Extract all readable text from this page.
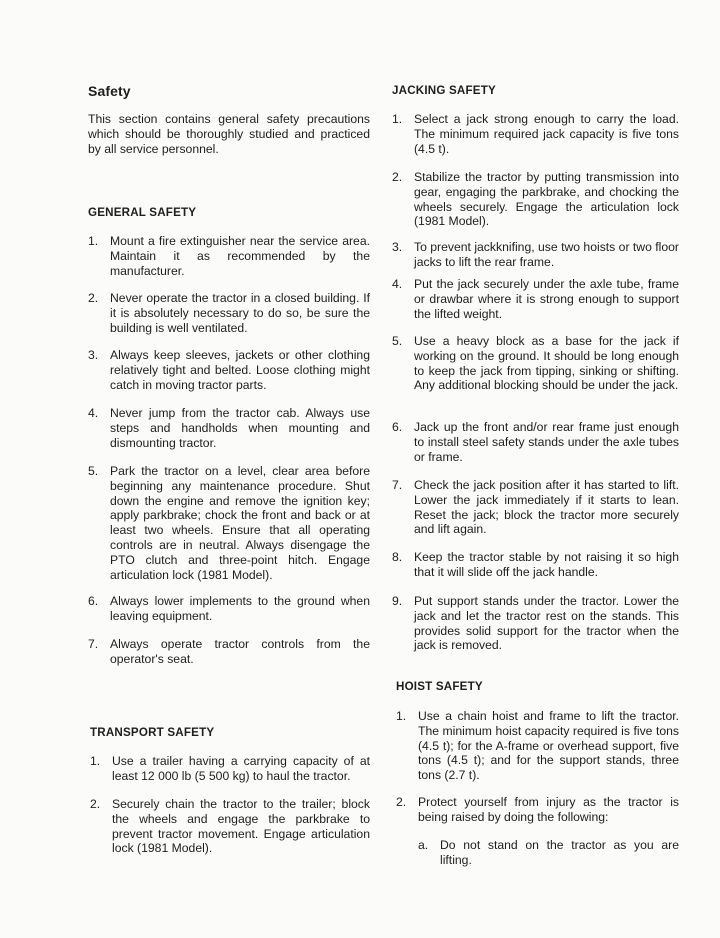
Safety
This section contains general safety precautions which should be thoroughly studied and practiced by all service personnel.
GENERAL SAFETY
1. Mount a fire extinguisher near the service area. Maintain it as recommended by the manufacturer.
2. Never operate the tractor in a closed building. If it is absolutely necessary to do so, be sure the building is well ventilated.
3. Always keep sleeves, jackets or other clothing relatively tight and belted. Loose clothing might catch in moving tractor parts.
4. Never jump from the tractor cab. Always use steps and handholds when mounting and dismounting tractor.
5. Park the tractor on a level, clear area before beginning any maintenance procedure. Shut down the engine and remove the ignition key; apply parkbrake; chock the front and back or at least two wheels. Ensure that all operating controls are in neutral. Always disengage the PTO clutch and three-point hitch. Engage articulation lock (1981 Model).
6. Always lower implements to the ground when leaving equipment.
7. Always operate tractor controls from the operator's seat.
TRANSPORT SAFETY
1. Use a trailer having a carrying capacity of at least 12 000 lb (5 500 kg) to haul the tractor.
2. Securely chain the tractor to the trailer; block the wheels and engage the parkbrake to prevent tractor movement. Engage articulation lock (1981 Model).
JACKING SAFETY
1. Select a jack strong enough to carry the load. The minimum required jack capacity is five tons (4.5 t).
2. Stabilize the tractor by putting transmission into gear, engaging the parkbrake, and chocking the wheels securely. Engage the articulation lock (1981 Model).
3. To prevent jackknifing, use two hoists or two floor jacks to lift the rear frame.
4. Put the jack securely under the axle tube, frame or drawbar where it is strong enough to support the lifted weight.
5. Use a heavy block as a base for the jack if working on the ground. It should be long enough to keep the jack from tipping, sinking or shifting. Any additional blocking should be under the jack.
6. Jack up the front and/or rear frame just enough to install steel safety stands under the axle tubes or frame.
7. Check the jack position after it has started to lift. Lower the jack immediately if it starts to lean. Reset the jack; block the tractor more securely and lift again.
8. Keep the tractor stable by not raising it so high that it will slide off the jack handle.
9. Put support stands under the tractor. Lower the jack and let the tractor rest on the stands. This provides solid support for the tractor when the jack is removed.
HOIST SAFETY
1. Use a chain hoist and frame to lift the tractor. The minimum hoist capacity required is five tons (4.5 t); for the A-frame or overhead support, five tons (4.5 t); and for the support stands, three tons (2.7 t).
2. Protect yourself from injury as the tractor is being raised by doing the following:
a. Do not stand on the tractor as you are lifting.
